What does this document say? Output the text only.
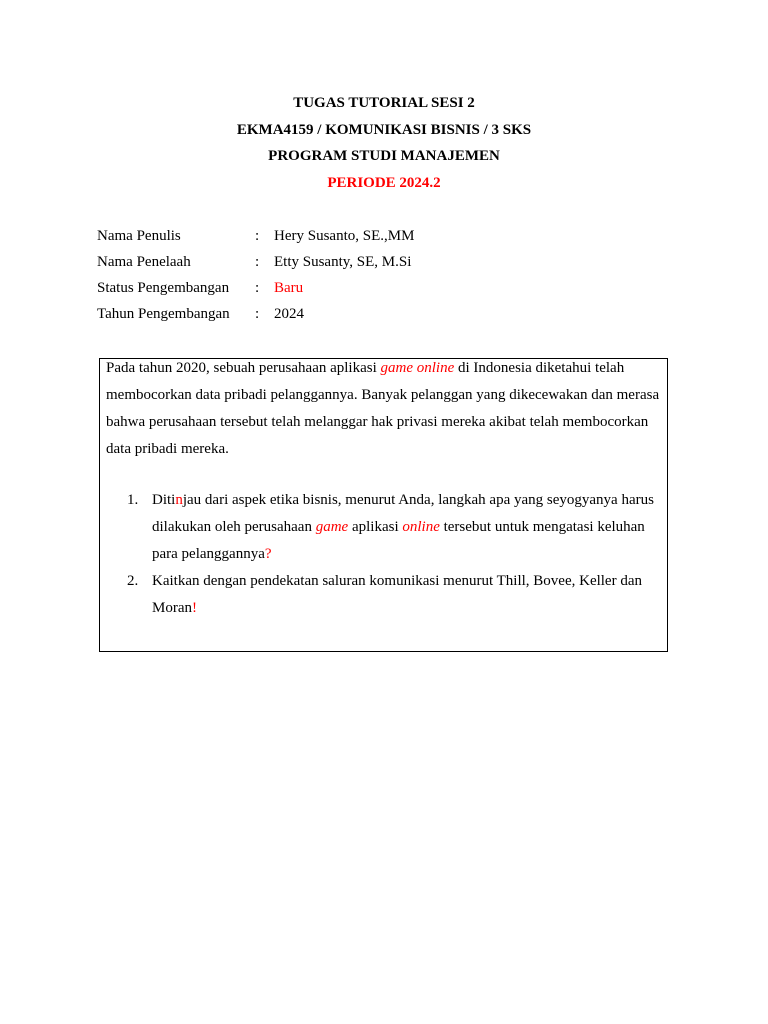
TUGAS TUTORIAL SESI 2
EKMA4159 / KOMUNIKASI BISNIS / 3 SKS
PROGRAM STUDI MANAJEMEN
PERIODE 2024.2
Nama Penulis	: Hery Susanto, SE.,MM
Nama Penelaah	: Etty Susanty, SE, M.Si
Status Pengembangan : Baru
Tahun Pengembangan : 2024
Pada tahun 2020, sebuah perusahaan aplikasi game online di Indonesia diketahui telah membocorkan data pribadi pelanggannya. Banyak pelanggan yang dikecewakan dan merasa bahwa perusahaan tersebut telah melanggar hak privasi mereka akibat telah membocorkan data pribadi mereka.
1. Ditinjau dari aspek etika bisnis, menurut Anda, langkah apa yang seyogyanya harus dilakukan oleh perusahaan game aplikasi online tersebut untuk mengatasi keluhan para pelanggannya?
2. Kaitkan dengan pendekatan saluran komunikasi menurut Thill, Bovee, Keller dan Moran!
